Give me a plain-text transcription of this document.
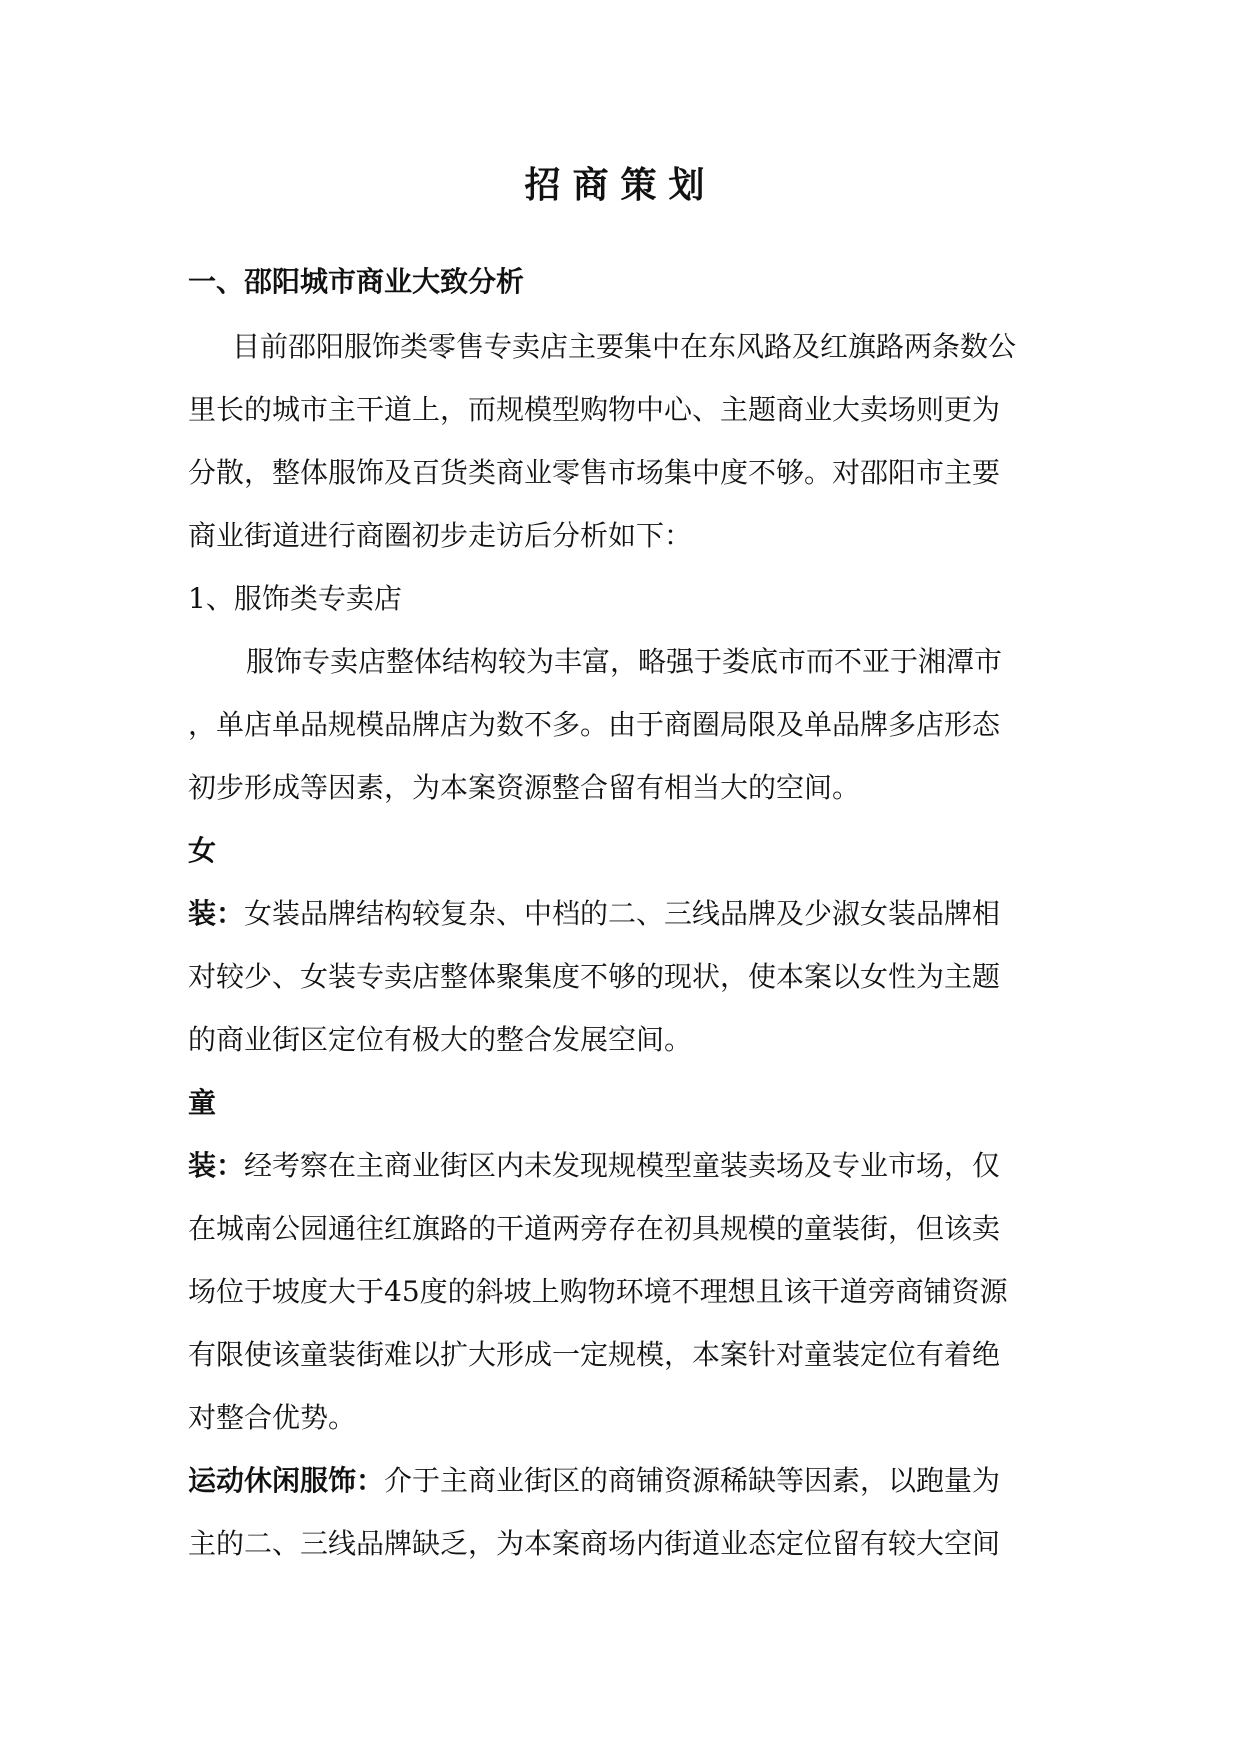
招商策划
一、邵阳城市商业大致分析
目前邵阳服饰类零售专卖店主要集中在东风路及红旗路两条数公
里长的城市主干道上，而规模型购物中心、主题商业大卖场则更为
分散，整体服饰及百货类商业零售市场集中度不够。对邵阳市主要
商业街道进行商圈初步走访后分析如下：
1、服饰类专卖店
服饰专卖店整体结构较为丰富，略强于娄底市而不亚于湘潭市
，单店单品规模品牌店为数不多。由于商圈局限及单品牌多店形态
初步形成等因素，为本案资源整合留有相当大的空间。
女
装：女装品牌结构较复杂、中档的二、三线品牌及少淑女装品牌相
对较少、女装专卖店整体聚集度不够的现状，使本案以女性为主题
的商业街区定位有极大的整合发展空间。
童
装：经考察在主商业街区内未发现规模型童装卖场及专业市场，仅
在城南公园通往红旗路的干道两旁存在初具规模的童装街，但该卖
场位于坡度大于45度的斜坡上购物环境不理想且该干道旁商铺资源
有限使该童装街难以扩大形成一定规模，本案针对童装定位有着绝
对整合优势。
运动休闲服饰：介于主商业街区的商铺资源稀缺等因素，以跑量为
主的二、三线品牌缺乏，为本案商场内街道业态定位留有较大空间
